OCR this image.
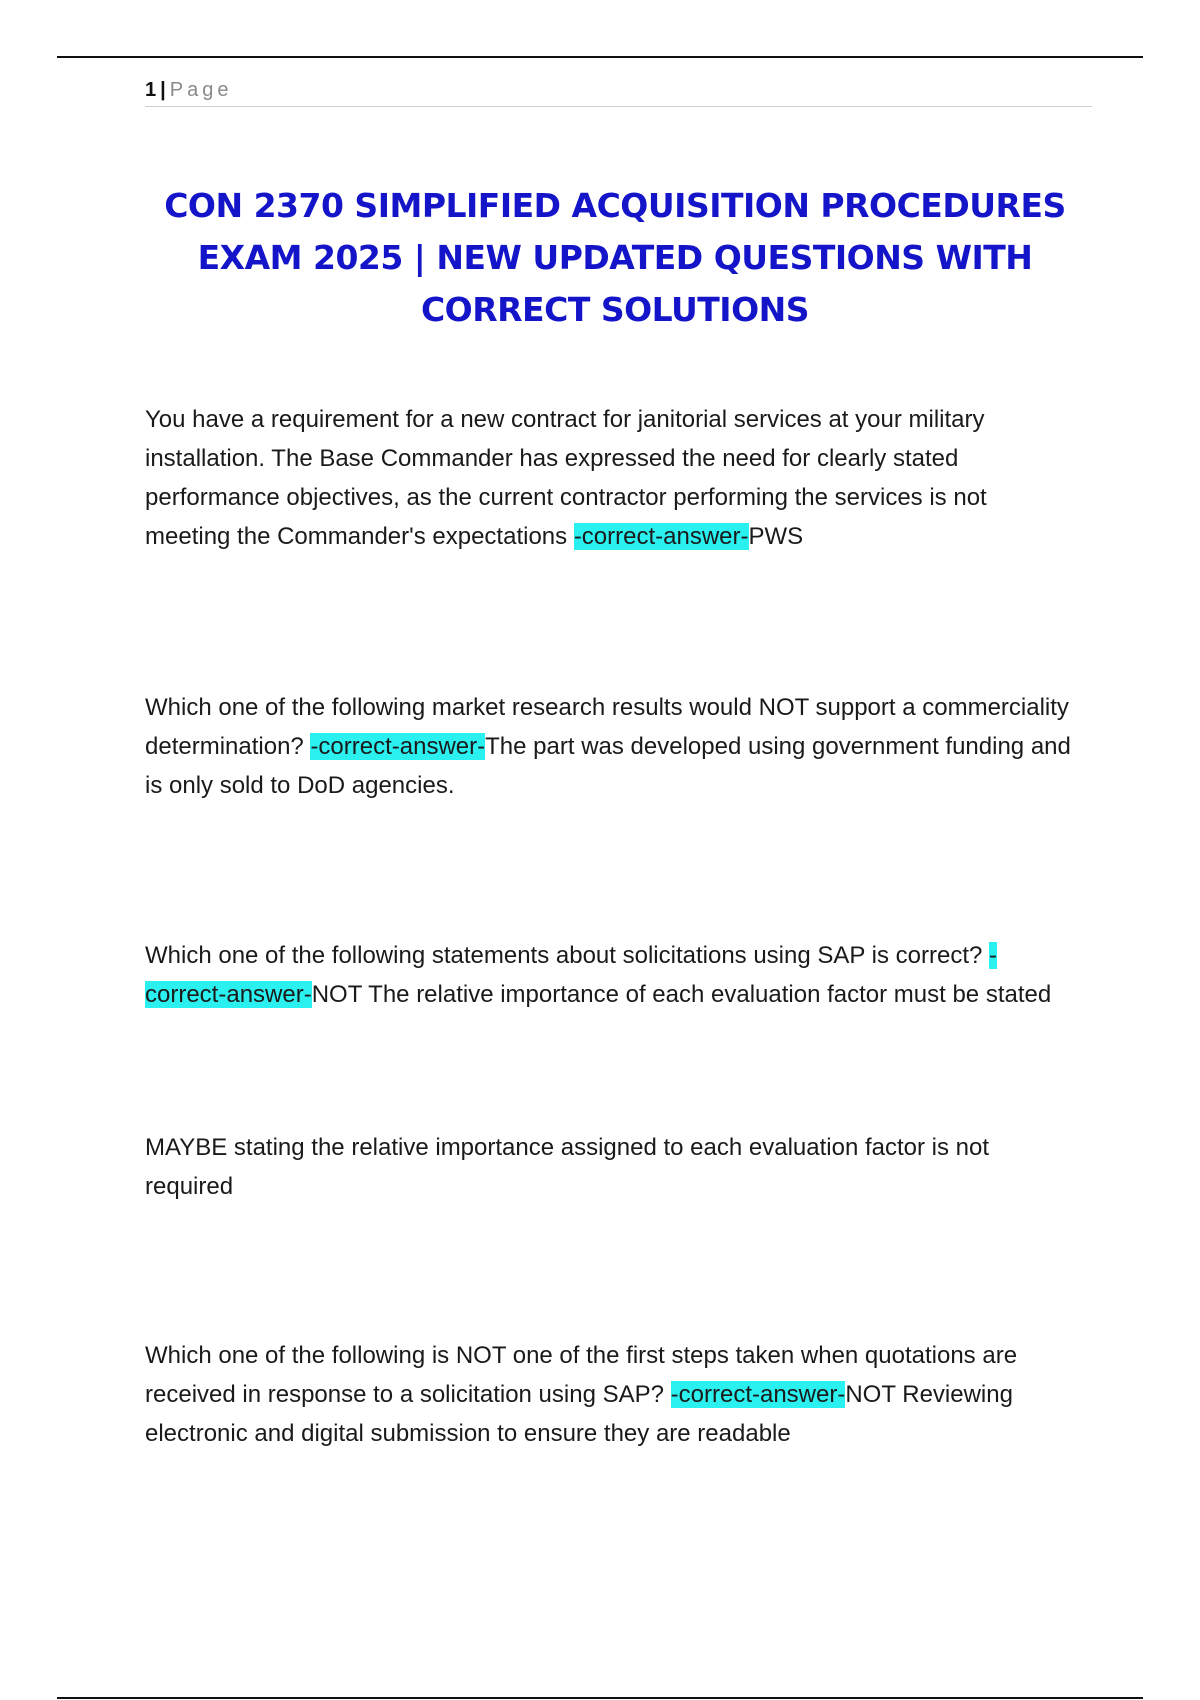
1 | Page
CON 2370 SIMPLIFIED ACQUISITION PROCEDURES EXAM 2025 | NEW UPDATED QUESTIONS WITH CORRECT SOLUTIONS

You have a requirement for a new contract for janitorial services at your military installation. The Base Commander has expressed the need for clearly stated performance objectives, as the current contractor performing the services is not meeting the Commander's expectations -correct-answer-PWS

Which one of the following market research results would NOT support a commerciality determination? -correct-answer-The part was developed using government funding and is only sold to DoD agencies.

Which one of the following statements about solicitations using SAP is correct? -correct-answer-NOT The relative importance of each evaluation factor must be stated

MAYBE stating the relative importance assigned to each evaluation factor is not required

Which one of the following is NOT one of the first steps taken when quotations are received in response to a solicitation using SAP? -correct-answer-NOT Reviewing electronic and digital submission to ensure they are readable
